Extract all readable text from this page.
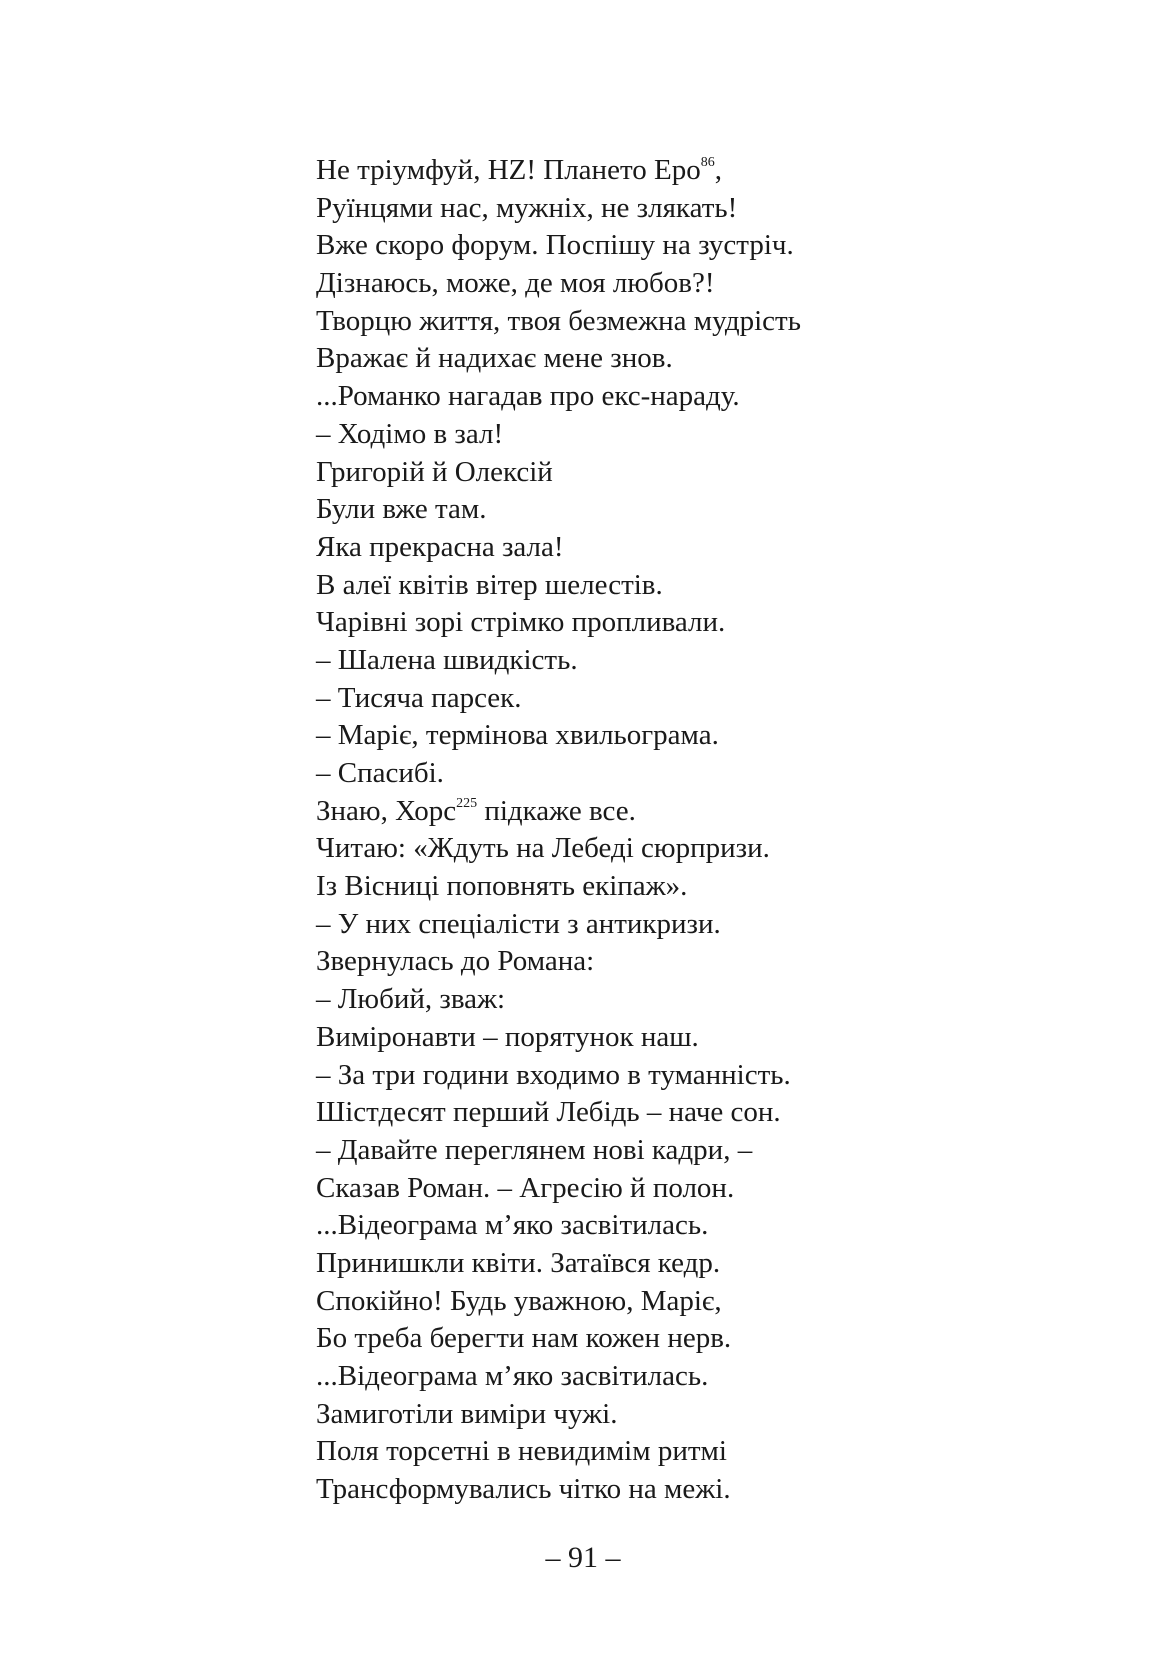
Не тріумфуй, HZ! Плането Еро$^{86}$,
Руїнцями нас, мужніх, не злякать!
Вже скоро форум. Поспішу на зустріч.
Дізнаюсь, може, де моя любов?!
Творцю життя, твоя безмежна мудрість
Вражає й надихає мене знов.
...Романко нагадав про екс-нараду.
– Ходімо в зал!
Григорій й Олексій
Були вже там.
Яка прекрасна зала!
В алеї квітів вітер шелестів.
Чарівні зорі стрімко пропливали.
– Шалена швидкість.
– Тисяча парсек.
– Маріє, термінова хвильограма.
– Спасибі.
Знаю, Хорс$^{225}$ підкаже все.
Читаю: «Ждуть на Лебеді сюрпризи.
Із Вісниці поповнять екіпаж».
– У них спеціалісти з антикризи.
Звернулась до Романа:
– Любий, зваж:
Виміронавти – порятунок наш.
– За три години входимо в туманність.
Шістдесят перший Лебідь – наче сон.
– Давайте переглянем нові кадри, –
Сказав Роман. – Агресію й полон.
...Відеограма м’яко засвітилась.
Принишкли квіти. Затаївся кедр.
Спокійно! Будь уважною, Маріє,
Бо треба берегти нам кожен нерв.
...Відеограма м’яко засвітилась.
Замиготіли виміри чужі.
Поля торсетні в невидимім ритмі
Трансформувались чітко на межі.
– 91 –
